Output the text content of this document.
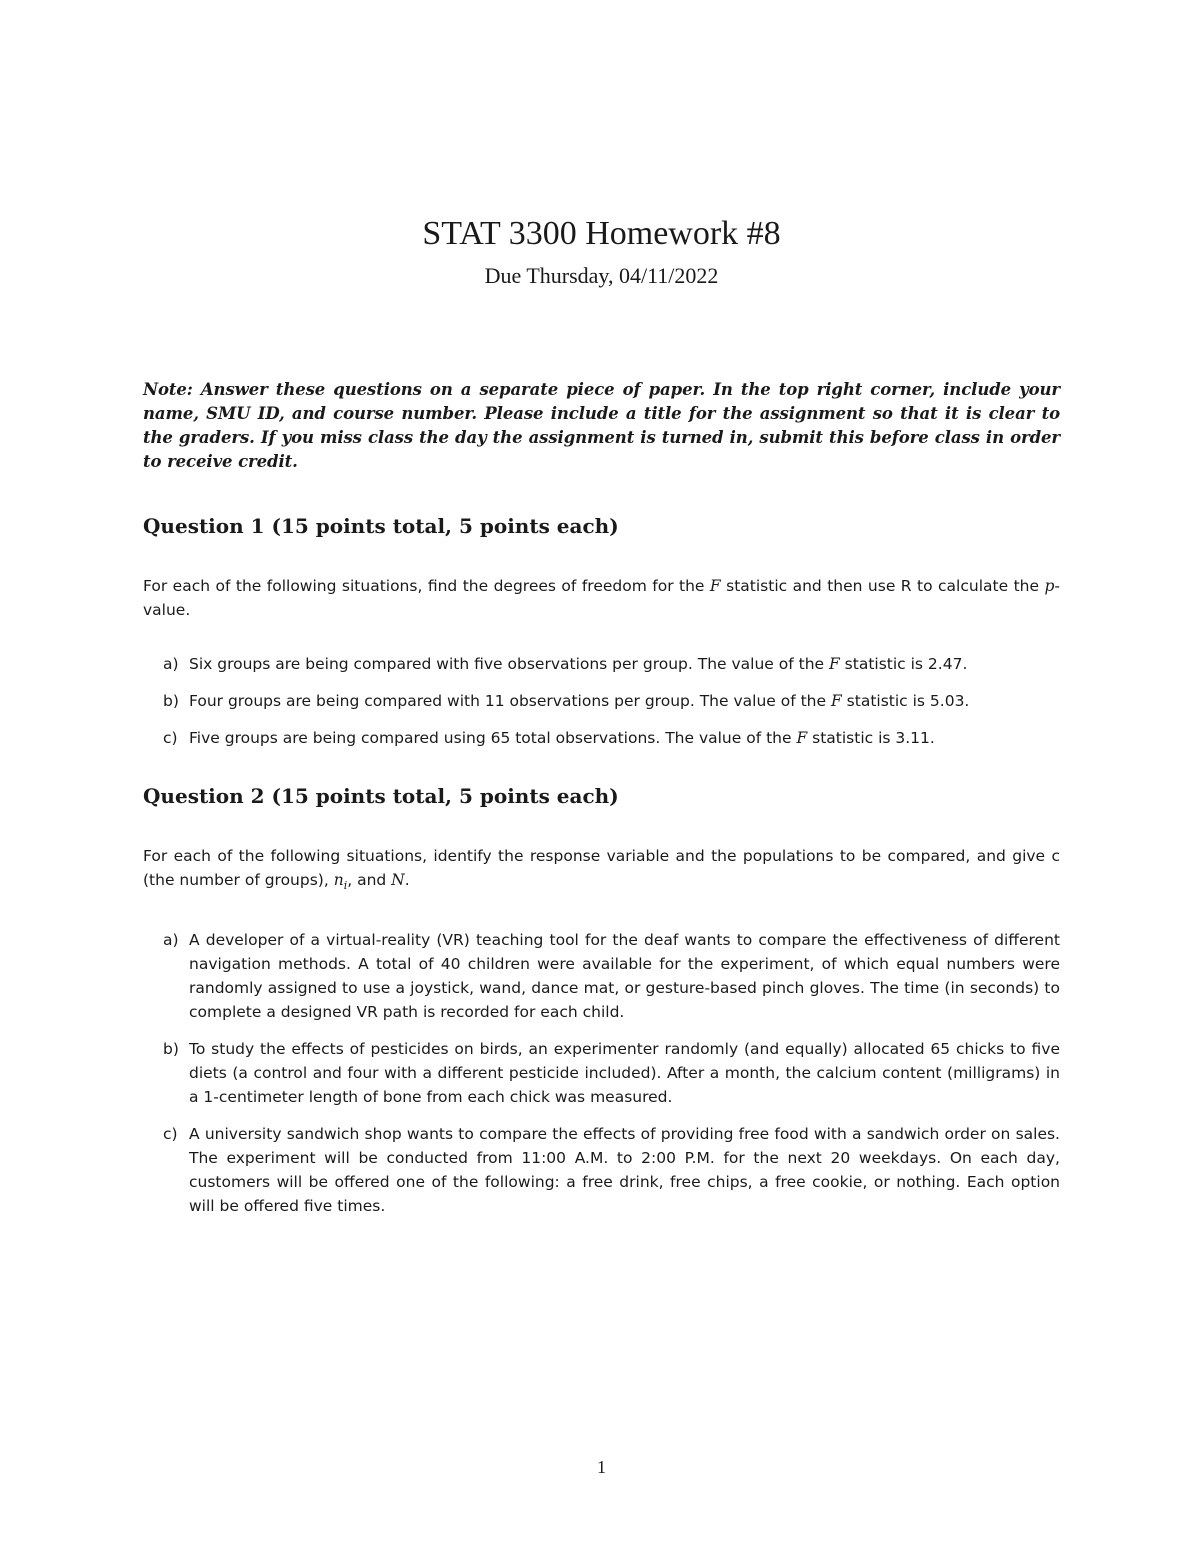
STAT 3300 Homework #8
Due Thursday, 04/11/2022

Note: Answer these questions on a separate piece of paper. In the top right corner, include your name, SMU ID, and course number. Please include a title for the assignment so that it is clear to the graders. If you miss class the day the assignment is turned in, submit this before class in order to receive credit.

Question 1 (15 points total, 5 points each)

For each of the following situations, find the degrees of freedom for the F statistic and then use R to calculate the p-value.

a) Six groups are being compared with five observations per group. The value of the F statistic is 2.47.
b) Four groups are being compared with 11 observations per group. The value of the F statistic is 5.03.
c) Five groups are being compared using 65 total observations. The value of the F statistic is 3.11.
Question 2 (15 points total, 5 points each)

For each of the following situations, identify the response variable and the populations to be compared, and give c (the number of groups), $n_i$, and N.

a) A developer of a virtual-reality (VR) teaching tool for the deaf wants to compare the effectiveness of different navigation methods. A total of 40 children were available for the experiment, of which equal numbers were randomly assigned to use a joystick, wand, dance mat, or gesture-based pinch gloves. The time (in seconds) to complete a designed VR path is recorded for each child.
b) To study the effects of pesticides on birds, an experimenter randomly (and equally) allocated 65 chicks to five diets (a control and four with a different pesticide included). After a month, the calcium content (milligrams) in a 1-centimeter length of bone from each chick was measured.
c) A university sandwich shop wants to compare the effects of providing free food with a sandwich order on sales. The experiment will be conducted from 11:00 A.M. to 2:00 P.M. for the next 20 weekdays. On each day, customers will be offered one of the following: a free drink, free chips, a free cookie, or nothing. Each option will be offered five times.
1
